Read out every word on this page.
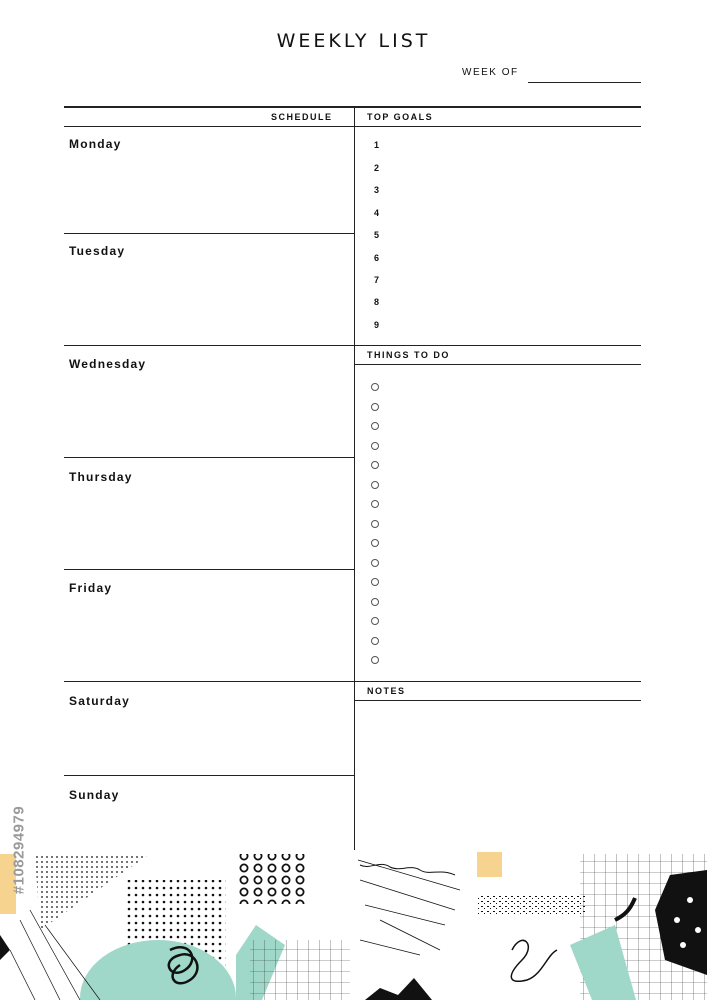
WEEKLY LIST
WEEK OF
SCHEDULE	TOP GOALS
THINGS TO DO
NOTES
Monday
Tuesday
Wednesday
Thursday
Friday
Saturday
Sunday
1
2
3
4
5
6
7
8
9
#108294979
